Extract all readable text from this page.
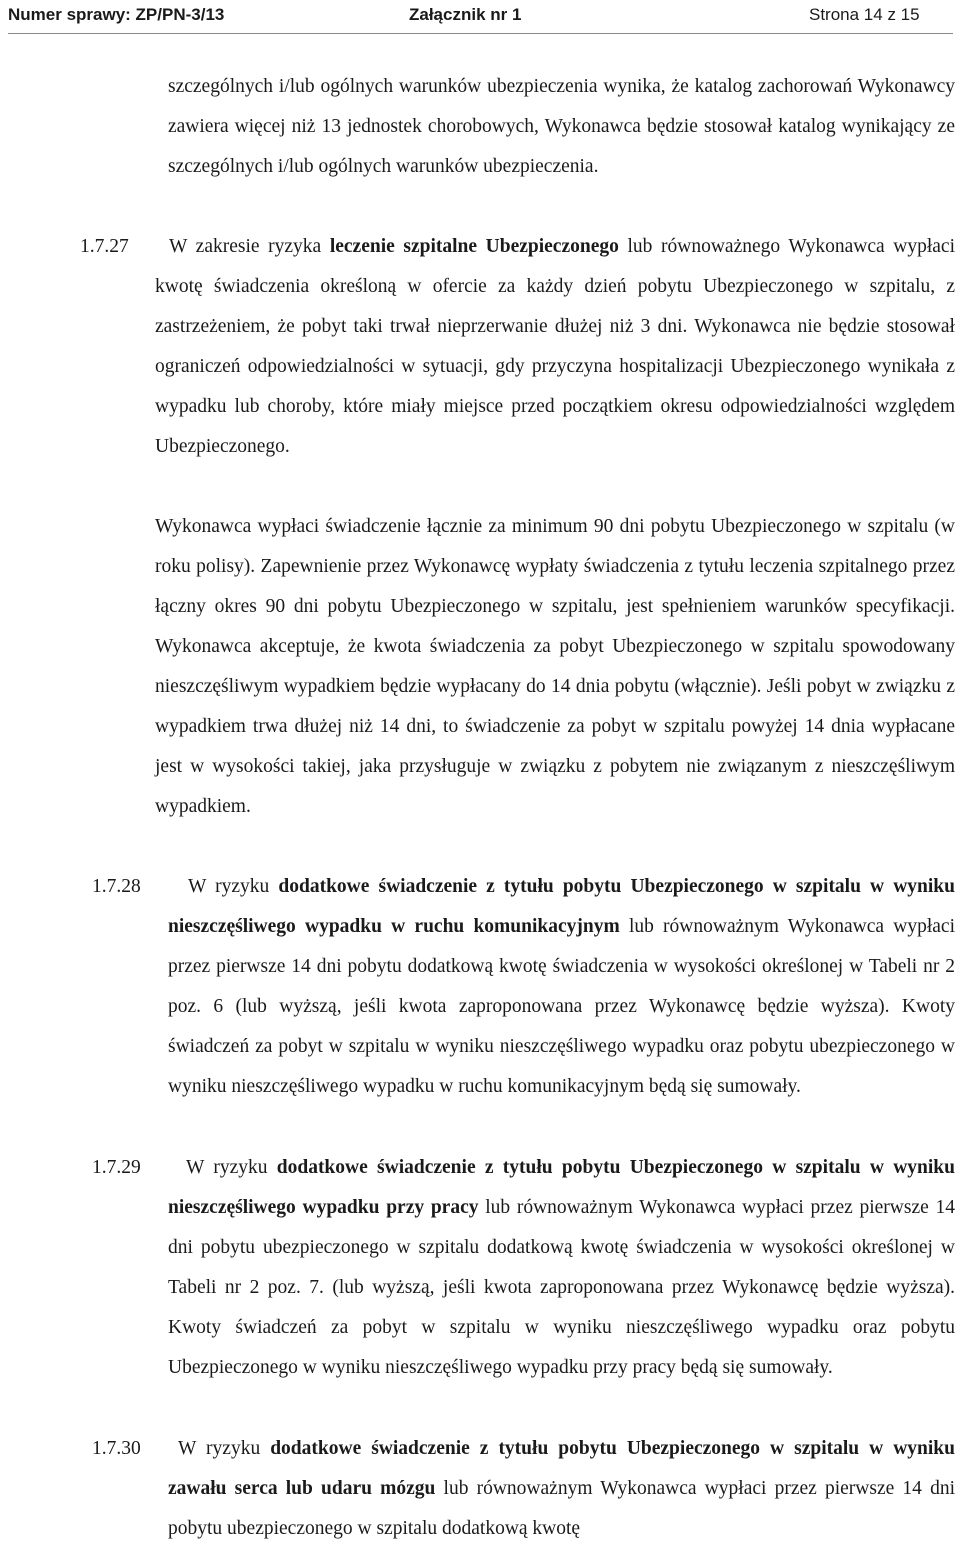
Numer sprawy: ZP/PN-3/13	Załącznik nr 1	Strona 14 z 15

szczególnych i/lub ogólnych warunków ubezpieczenia wynika, że katalog zachorowań Wykonawcy zawiera więcej niż 13 jednostek chorobowych, Wykonawca będzie stosował katalog wynikający ze szczególnych i/lub ogólnych warunków ubezpieczenia.

1.7.27	W zakresie ryzyka leczenie szpitalne Ubezpieczonego lub równoważnego Wykonawca wypłaci kwotę świadczenia określoną w ofercie za każdy dzień pobytu Ubezpieczonego w szpitalu, z zastrzeżeniem, że pobyt taki trwał nieprzerwanie dłużej niż 3 dni. Wykonawca nie będzie stosował ograniczeń odpowiedzialności w sytuacji, gdy przyczyna hospitalizacji Ubezpieczonego wynikała z wypadku lub choroby, które miały miejsce przed początkiem okresu odpowiedzialności względem Ubezpieczonego.

Wykonawca wypłaci świadczenie łącznie za minimum 90 dni pobytu Ubezpieczonego w szpitalu (w roku polisy). Zapewnienie przez Wykonawcę wypłaty świadczenia z tytułu leczenia szpitalnego przez łączny okres 90 dni pobytu Ubezpieczonego w szpitalu, jest spełnieniem warunków specyfikacji. Wykonawca akceptuje, że kwota świadczenia za pobyt Ubezpieczonego w szpitalu spowodowany nieszczęśliwym wypadkiem będzie wypłacany do 14 dnia pobytu (włącznie). Jeśli pobyt w związku z wypadkiem trwa dłużej niż 14 dni, to świadczenie za pobyt w szpitalu powyżej 14 dnia wypłacane jest w wysokości takiej, jaka przysługuje w związku z pobytem nie związanym z nieszczęśliwym wypadkiem.

1.7.28	W ryzyku dodatkowe świadczenie z tytułu pobytu Ubezpieczonego w szpitalu w wyniku nieszczęśliwego wypadku w ruchu komunikacyjnym lub równoważnym Wykonawca wypłaci przez pierwsze 14 dni pobytu dodatkową kwotę świadczenia w wysokości określonej w Tabeli nr 2 poz. 6 (lub wyższą, jeśli kwota zaproponowana przez Wykonawcę będzie wyższa). Kwoty świadczeń za pobyt w szpitalu w wyniku nieszczęśliwego wypadku oraz pobytu ubezpieczonego w wyniku nieszczęśliwego wypadku w ruchu komunikacyjnym będą się sumowały.

1.7.29	W ryzyku dodatkowe świadczenie z tytułu pobytu Ubezpieczonego w szpitalu w wyniku nieszczęśliwego wypadku przy pracy lub równoważnym Wykonawca wypłaci przez pierwsze 14 dni pobytu ubezpieczonego w szpitalu dodatkową kwotę świadczenia w wysokości określonej w Tabeli nr 2 poz. 7. (lub wyższą, jeśli kwota zaproponowana przez Wykonawcę będzie wyższa). Kwoty świadczeń za pobyt w szpitalu w wyniku nieszczęśliwego wypadku oraz pobytu Ubezpieczonego w wyniku nieszczęśliwego wypadku przy pracy będą się sumowały.

1.7.30	W ryzyku dodatkowe świadczenie z tytułu pobytu Ubezpieczonego w szpitalu w wyniku zawału serca lub udaru mózgu lub równoważnym Wykonawca wypłaci przez pierwsze 14 dni pobytu ubezpieczonego w szpitalu dodatkową kwotę
